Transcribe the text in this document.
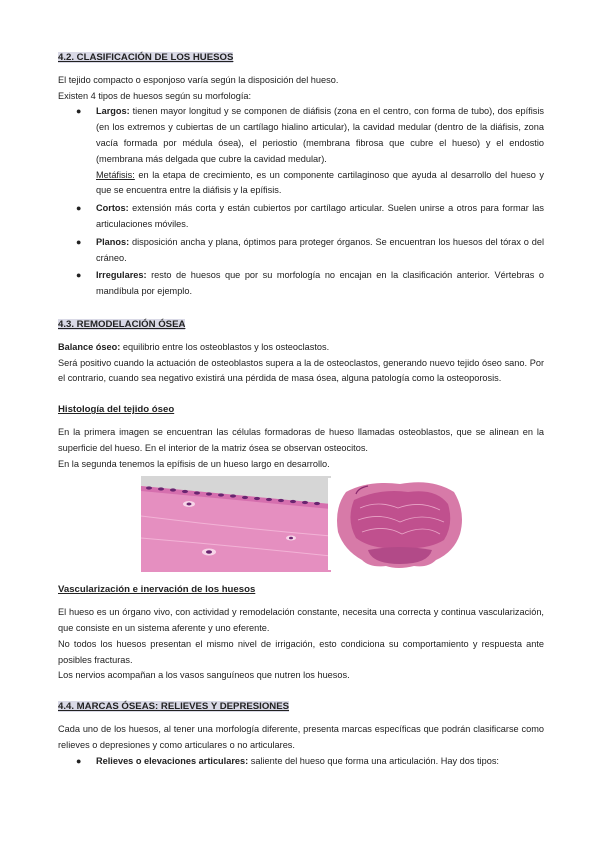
4.2. CLASIFICACIÓN DE LOS HUESOS

El tejido compacto o esponjoso varía según la disposición del hueso.

Existen 4 tipos de huesos según su morfología:

● Largos: tienen mayor longitud y se componen de diáfisis (zona en el centro, con forma de tubo), dos epífisis (en los extremos y cubiertas de un cartílago hialino articular), la cavidad medular (dentro de la diáfisis, zona vacía formada por médula ósea), el periostio (membrana fibrosa que cubre el hueso) y el endostio (membrana más delgada que cubre la cavidad medular).
Metáfisis: en la etapa de crecimiento, es un componente cartilaginoso que ayuda al desarrollo del hueso y que se encuentra entre la diáfisis y la epífisis.
● Cortos: extensión más corta y están cubiertos por cartílago articular. Suelen unirse a otros para formar las articulaciones móviles.
● Planos: disposición ancha y plana, óptimos para proteger órganos. Se encuentran los huesos del tórax o del cráneo.
● Irregulares: resto de huesos que por su morfología no encajan en la clasificación anterior. Vértebras o mandíbula por ejemplo.
4.3. REMODELACIÓN ÓSEA

Balance óseo: equilibrio entre los osteoblastos y los osteoclastos.

Será positivo cuando la actuación de osteoblastos supera a la de osteoclastos, generando nuevo tejido óseo sano. Por el contrario, cuando sea negativo existirá una pérdida de masa ósea, alguna patología como la osteoporosis.

Histología del tejido óseo

En la primera imagen se encuentran las células formadoras de hueso llamadas osteoblastos, que se alinean en la superficie del hueso. En el interior de la matriz ósea se observan osteocitos.

En la segunda tenemos la epífisis de un hueso largo en desarrollo.

Vascularización e inervación de los huesos

El hueso es un órgano vivo, con actividad y remodelación constante, necesita una correcta y continua vascularización, que consiste en un sistema aferente y uno eferente.

No todos los huesos presentan el mismo nivel de irrigación, esto condiciona su comportamiento y respuesta ante posibles fracturas.

Los nervios acompañan a los vasos sanguíneos que nutren los huesos.

4.4. MARCAS ÓSEAS: RELIEVES Y DEPRESIONES

Cada uno de los huesos, al tener una morfología diferente, presenta marcas específicas que podrán clasificarse como relieves o depresiones y como articulares o no articulares.

● Relieves o elevaciones articulares: saliente del hueso que forma una articulación. Hay dos tipos:
